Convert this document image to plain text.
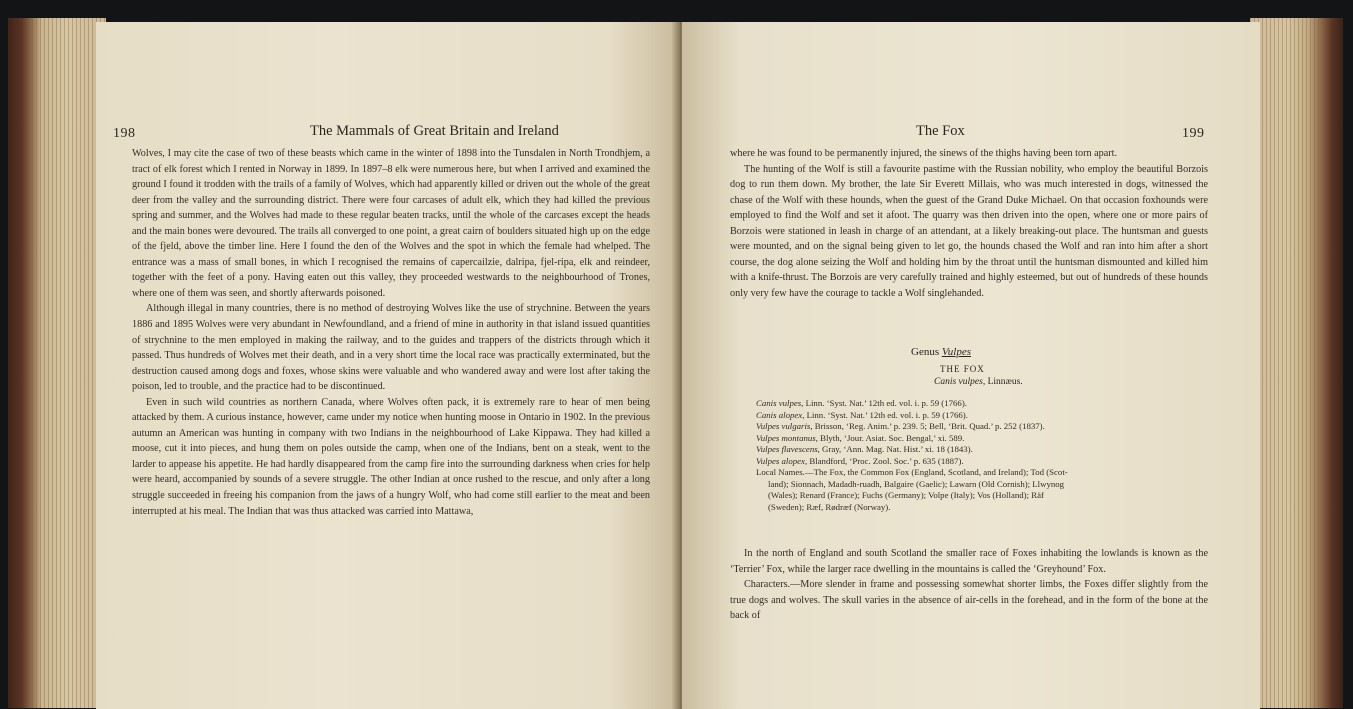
198	The Mammals of Great Britain and Ireland

Wolves, I may cite the case of two of these beasts which came in the winter of 1898 into the Tunsdalen in North Trondhjem, a tract of elk forest which I rented in Norway in 1899. In 1897–8 elk were numerous here, but when I arrived and examined the ground I found it trodden with the trails of a family of Wolves, which had apparently killed or driven out the whole of the great deer from the valley and the surrounding district. There were four carcases of adult elk, which they had killed the previous spring and summer, and the Wolves had made to these regular beaten tracks, until the whole of the carcases except the heads and the main bones were devoured. The trails all converged to one point, a great cairn of boulders situated high up on the edge of the fjeld, above the timber line. Here I found the den of the Wolves and the spot in which the female had whelped. The entrance was a mass of small bones, in which I recognised the remains of capercailzie, dalripa, fjel-ripa, elk and reindeer, together with the feet of a pony. Having eaten out this valley, they proceeded westwards to the neighbourhood of Trones, where one of them was seen, and shortly afterwards poisoned.

Although illegal in many countries, there is no method of destroying Wolves like the use of strychnine. Between the years 1886 and 1895 Wolves were very abundant in Newfoundland, and a friend of mine in authority in that island issued quantities of strychnine to the men employed in making the railway, and to the guides and trappers of the districts through which it passed. Thus hundreds of Wolves met their death, and in a very short time the local race was practically exterminated, but the destruction caused among dogs and foxes, whose skins were valuable and who wandered away and were lost after taking the poison, led to trouble, and the practice had to be discontinued.

Even in such wild countries as northern Canada, where Wolves often pack, it is extremely rare to hear of men being attacked by them. A curious instance, however, came under my notice when hunting moose in Ontario in 1902. In the previous autumn an American was hunting in company with two Indians in the neighbourhood of Lake Kippawa. They had killed a moose, cut it into pieces, and hung them on poles outside the camp, when one of the Indians, bent on a steak, went to the larder to appease his appetite. He had hardly disappeared from the camp fire into the surrounding darkness when cries for help were heard, accompanied by sounds of a severe struggle. The other Indian at once rushed to the rescue, and only after a long struggle succeeded in freeing his companion from the jaws of a hungry Wolf, who had come still earlier to the meat and been interrupted at his meal. The Indian that was thus attacked was carried into Mattawa,

The Fox	199

where he was found to be permanently injured, the sinews of the thighs having been torn apart.

The hunting of the Wolf is still a favourite pastime with the Russian nobility, who employ the beautiful Borzois dog to run them down. My brother, the late Sir Everett Millais, who was much interested in dogs, witnessed the chase of the Wolf with these hounds, when the guest of the Grand Duke Michael. On that occasion foxhounds were employed to find the Wolf and set it afoot. The quarry was then driven into the open, where one or more pairs of Borzois were stationed in leash in charge of an attendant, at a likely breaking-out place. The huntsman and guests were mounted, and on the signal being given to let go, the hounds chased the Wolf and ran into him after a short course, the dog alone seizing the Wolf and holding him by the throat until the huntsman dismounted and killed him with a knife-thrust. The Borzois are very carefully trained and highly esteemed, but out of hundreds of these hounds only very few have the courage to tackle a Wolf singlehanded.

Genus Vulpes
THE FOX
Canis vulpes, Linnæus.
Canis vulpes, Linn. ‘Syst. Nat.’ 12th ed. vol. i. p. 59 (1766).
Canis alopex, Linn. ‘Syst. Nat.’ 12th ed. vol. i. p. 59 (1766).
Vulpes vulgaris, Brisson, ‘Reg. Anim.’ p. 239. 5; Bell, ‘Brit. Quad.’ p. 252 (1837).
Vulpes montanus, Blyth, ‘Jour. Asiat. Soc. Bengal,’ xi. 589.
Vulpes flavescens, Gray, ‘Ann. Mag. Nat. Hist.’ xi. 18 (1843).
Vulpes alopex, Blandford, ‘Proc. Zool. Soc.’ p. 635 (1887).
Local Names.—The Fox, the Common Fox (England, Scotland, and Ireland); Tod (Scot-
land); Sionnach, Madadh-ruadh, Balgaire (Gaelic); Lawarn (Old Cornish); Llwynog
(Wales); Renard (France); Fuchs (Germany); Volpe (Italy); Vos (Holland); Räf
(Sweden); Ræf, Rødræf (Norway).

In the north of England and south Scotland the smaller race of Foxes inhabiting the lowlands is known as the ‘Terrier’ Fox, while the larger race dwelling in the mountains is called the ‘Greyhound’ Fox.

Characters.—More slender in frame and possessing somewhat shorter limbs, the Foxes differ slightly from the true dogs and wolves. The skull varies in the absence of air-cells in the forehead, and in the form of the bone at the back of
